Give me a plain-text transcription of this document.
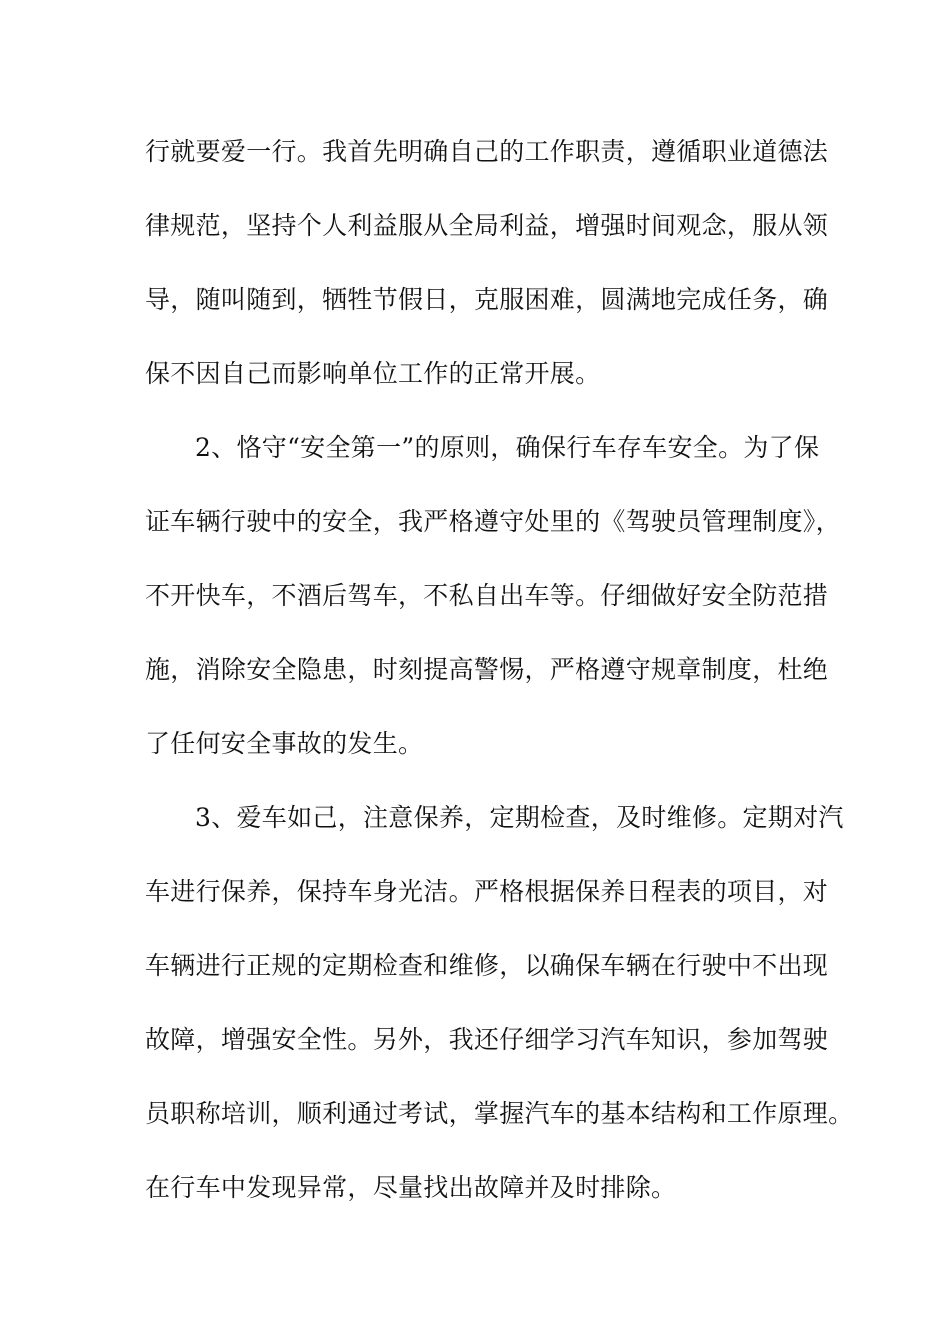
行就要爱一行。我首先明确自己的工作职责，遵循职业道德法
律规范，坚持个人利益服从全局利益，增强时间观念，服从领
导，随叫随到，牺牲节假日，克服困难，圆满地完成任务，确
保不因自己而影响单位工作的正常开展。
2、恪守“安全第一”的原则，确保行车存车安全。为了保
证车辆行驶中的安全，我严格遵守处里的《驾驶员管理制度》，
不开快车，不酒后驾车，不私自出车等。仔细做好安全防范措
施，消除安全隐患，时刻提高警惕，严格遵守规章制度，杜绝
了任何安全事故的发生。
3、爱车如己，注意保养，定期检查，及时维修。定期对汽
车进行保养，保持车身光洁。严格根据保养日程表的项目，对
车辆进行正规的定期检查和维修，以确保车辆在行驶中不出现
故障，增强安全性。另外，我还仔细学习汽车知识，参加驾驶
员职称培训，顺利通过考试，掌握汽车的基本结构和工作原理。
在行车中发现异常，尽量找出故障并及时排除。
